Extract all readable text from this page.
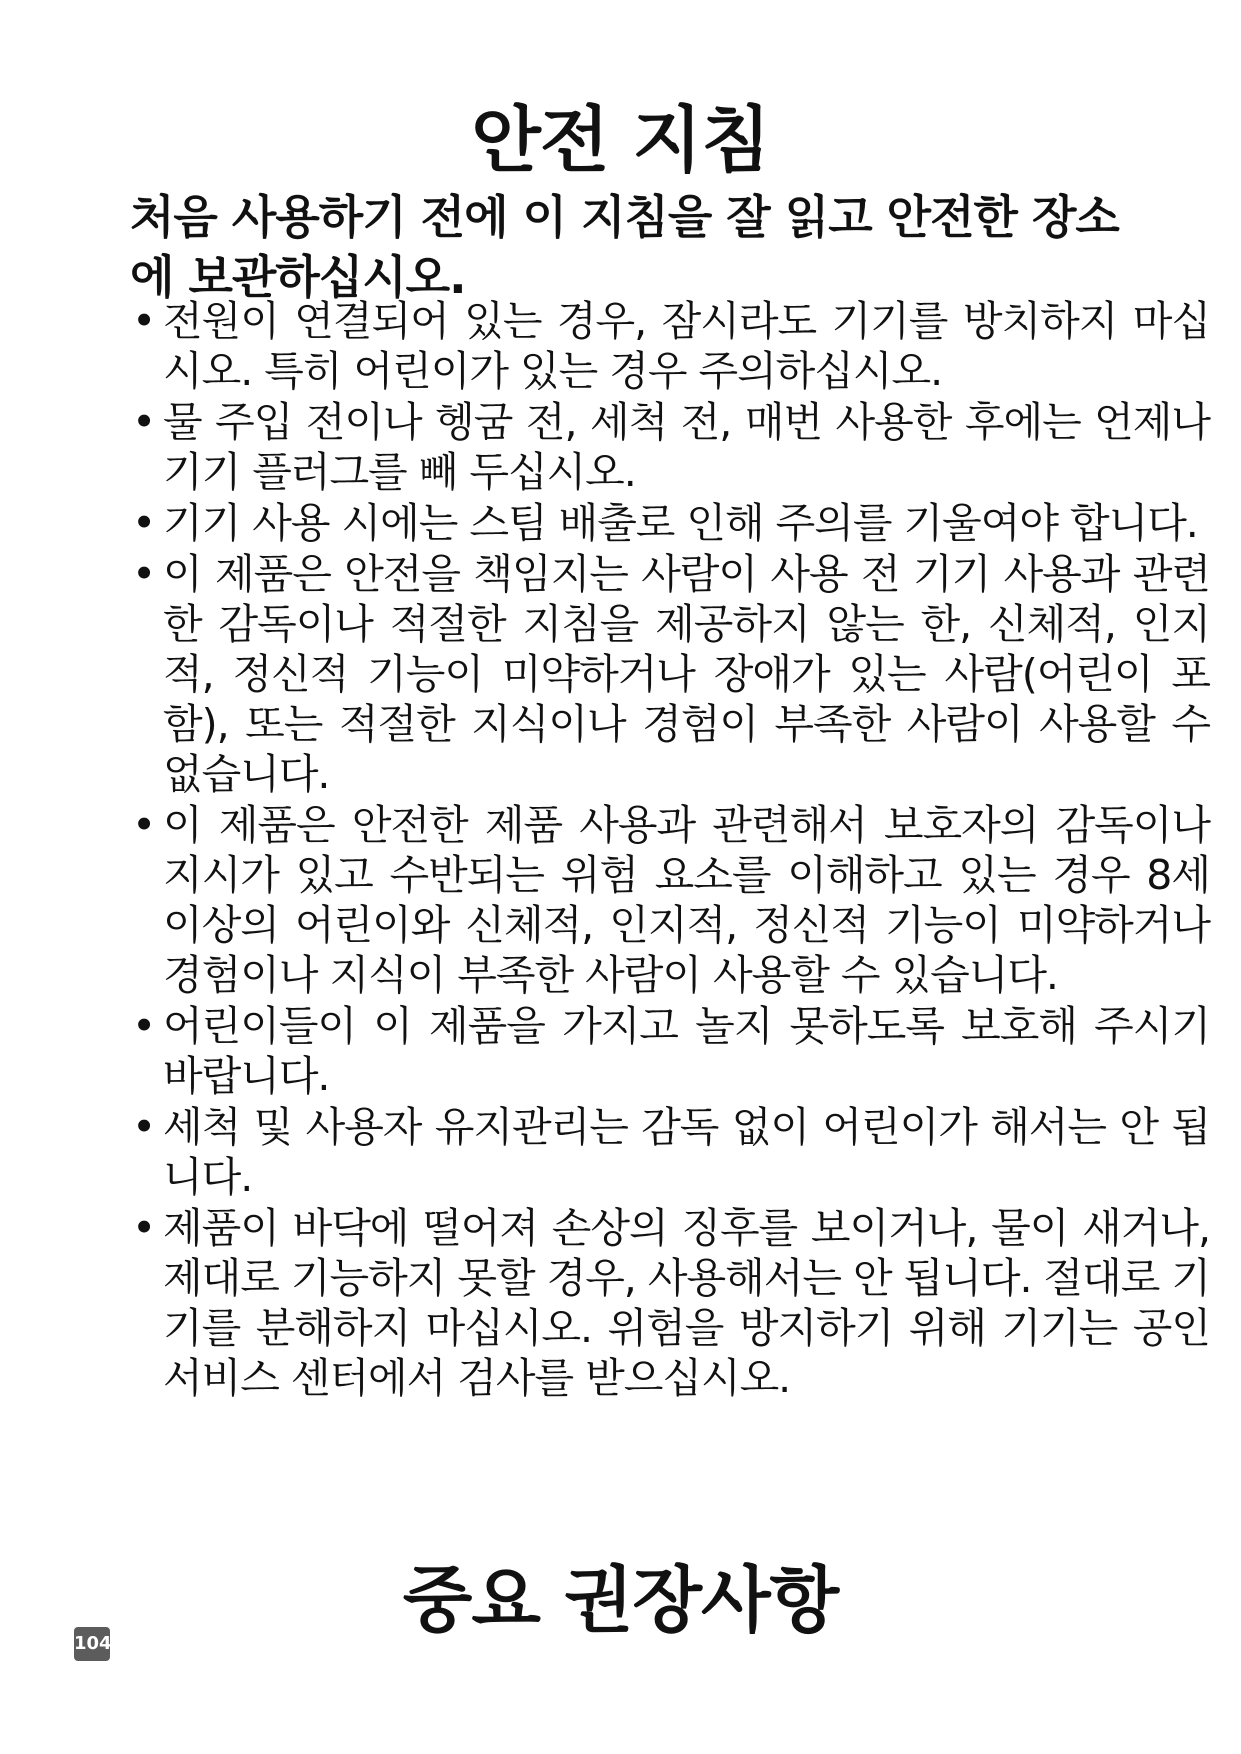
안전 지침

처음 사용하기 전에 이 지침을 잘 읽고 안전한 장소에 보관하십시오.

• 전원이 연결되어 있는 경우, 잠시라도 기기를 방치하지 마십시오. 특히 어린이가 있는 경우 주의하십시오.
• 물 주입 전이나 헹굼 전, 세척 전, 매번 사용한 후에는 언제나 기기 플러그를 빼 두십시오.
• 기기 사용 시에는 스팀 배출로 인해 주의를 기울여야 합니다.
• 이 제품은 안전을 책임지는 사람이 사용 전 기기 사용과 관련한 감독이나 적절한 지침을 제공하지 않는 한, 신체적, 인지적, 정신적 기능이 미약하거나 장애가 있는 사람(어린이 포함), 또는 적절한 지식이나 경험이 부족한 사람이 사용할 수 없습니다.
• 이 제품은 안전한 제품 사용과 관련해서 보호자의 감독이나 지시가 있고 수반되는 위험 요소를 이해하고 있는 경우 8세 이상의 어린이와 신체적, 인지적, 정신적 기능이 미약하거나 경험이나 지식이 부족한 사람이 사용할 수 있습니다.
• 어린이들이 이 제품을 가지고 놀지 못하도록 보호해 주시기 바랍니다.
• 세척 및 사용자 유지관리는 감독 없이 어린이가 해서는 안 됩니다.
• 제품이 바닥에 떨어져 손상의 징후를 보이거나, 물이 새거나, 제대로 기능하지 못할 경우, 사용해서는 안 됩니다. 절대로 기기를 분해하지 마십시오. 위험을 방지하기 위해 기기는 공인 서비스 센터에서 검사를 받으십시오.
중요 권장사항
104
